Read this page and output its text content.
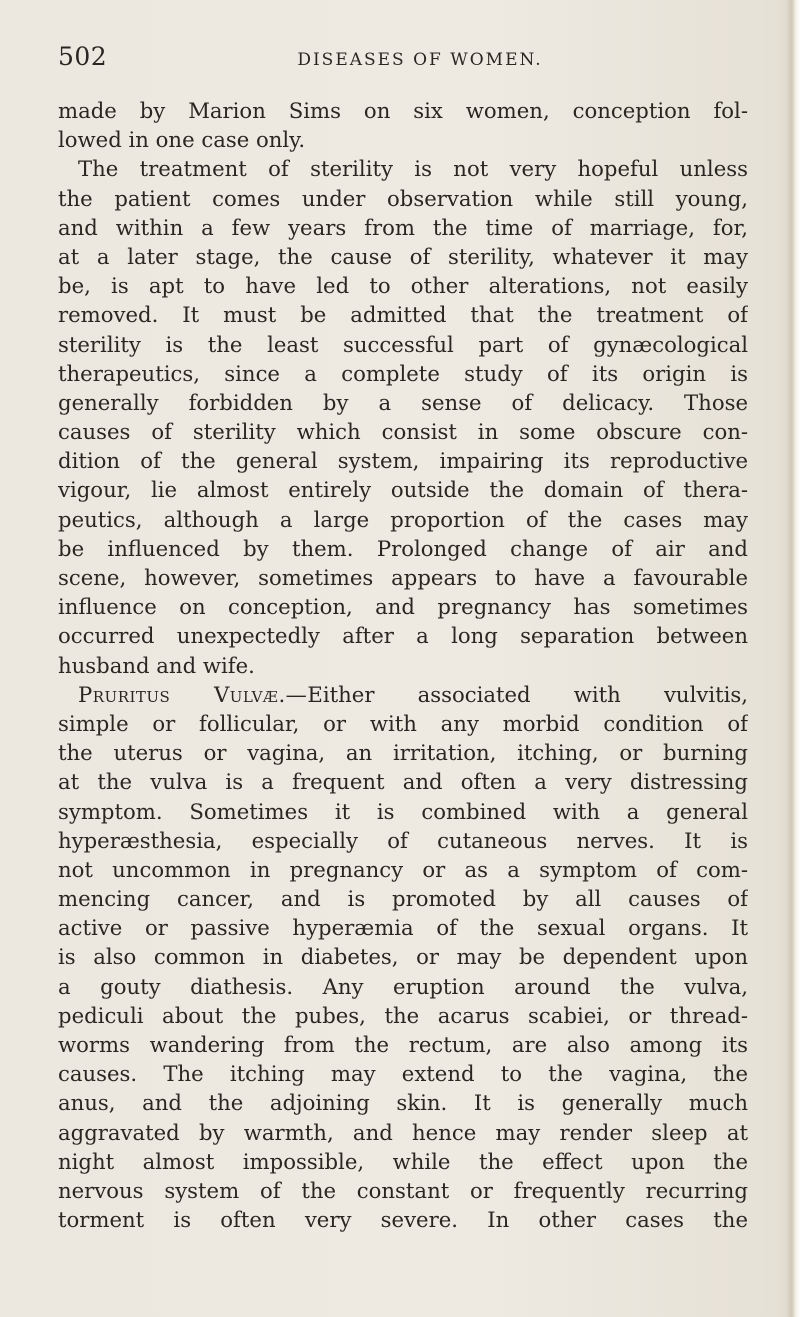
502	DISEASES OF WOMEN.
made by Marion Sims on six women, conception fol-
lowed in one case only.
The treatment of sterility is not very hopeful unless
the patient comes under observation while still young,
and within a few years from the time of marriage, for,
at a later stage, the cause of sterility, whatever it may
be, is apt to have led to other alterations, not easily
removed. It must be admitted that the treatment of
sterility is the least successful part of gynæcological
therapeutics, since a complete study of its origin is
generally forbidden by a sense of delicacy. Those
causes of sterility which consist in some obscure con-
dition of the general system, impairing its reproductive
vigour, lie almost entirely outside the domain of thera-
peutics, although a large proportion of the cases may
be influenced by them. Prolonged change of air and
scene, however, sometimes appears to have a favourable
influence on conception, and pregnancy has sometimes
occurred unexpectedly after a long separation between
husband and wife.
Pruritus Vulvæ.—Either associated with vulvitis,
simple or follicular, or with any morbid condition of
the uterus or vagina, an irritation, itching, or burning
at the vulva is a frequent and often a very distressing
symptom. Sometimes it is combined with a general
hyperæsthesia, especially of cutaneous nerves. It is
not uncommon in pregnancy or as a symptom of com-
mencing cancer, and is promoted by all causes of
active or passive hyperæmia of the sexual organs. It
is also common in diabetes, or may be dependent upon
a gouty diathesis. Any eruption around the vulva,
pediculi about the pubes, the acarus scabiei, or thread-
worms wandering from the rectum, are also among its
causes. The itching may extend to the vagina, the
anus, and the adjoining skin. It is generally much
aggravated by warmth, and hence may render sleep at
night almost impossible, while the effect upon the
nervous system of the constant or frequently recurring
torment is often very severe. In other cases the
